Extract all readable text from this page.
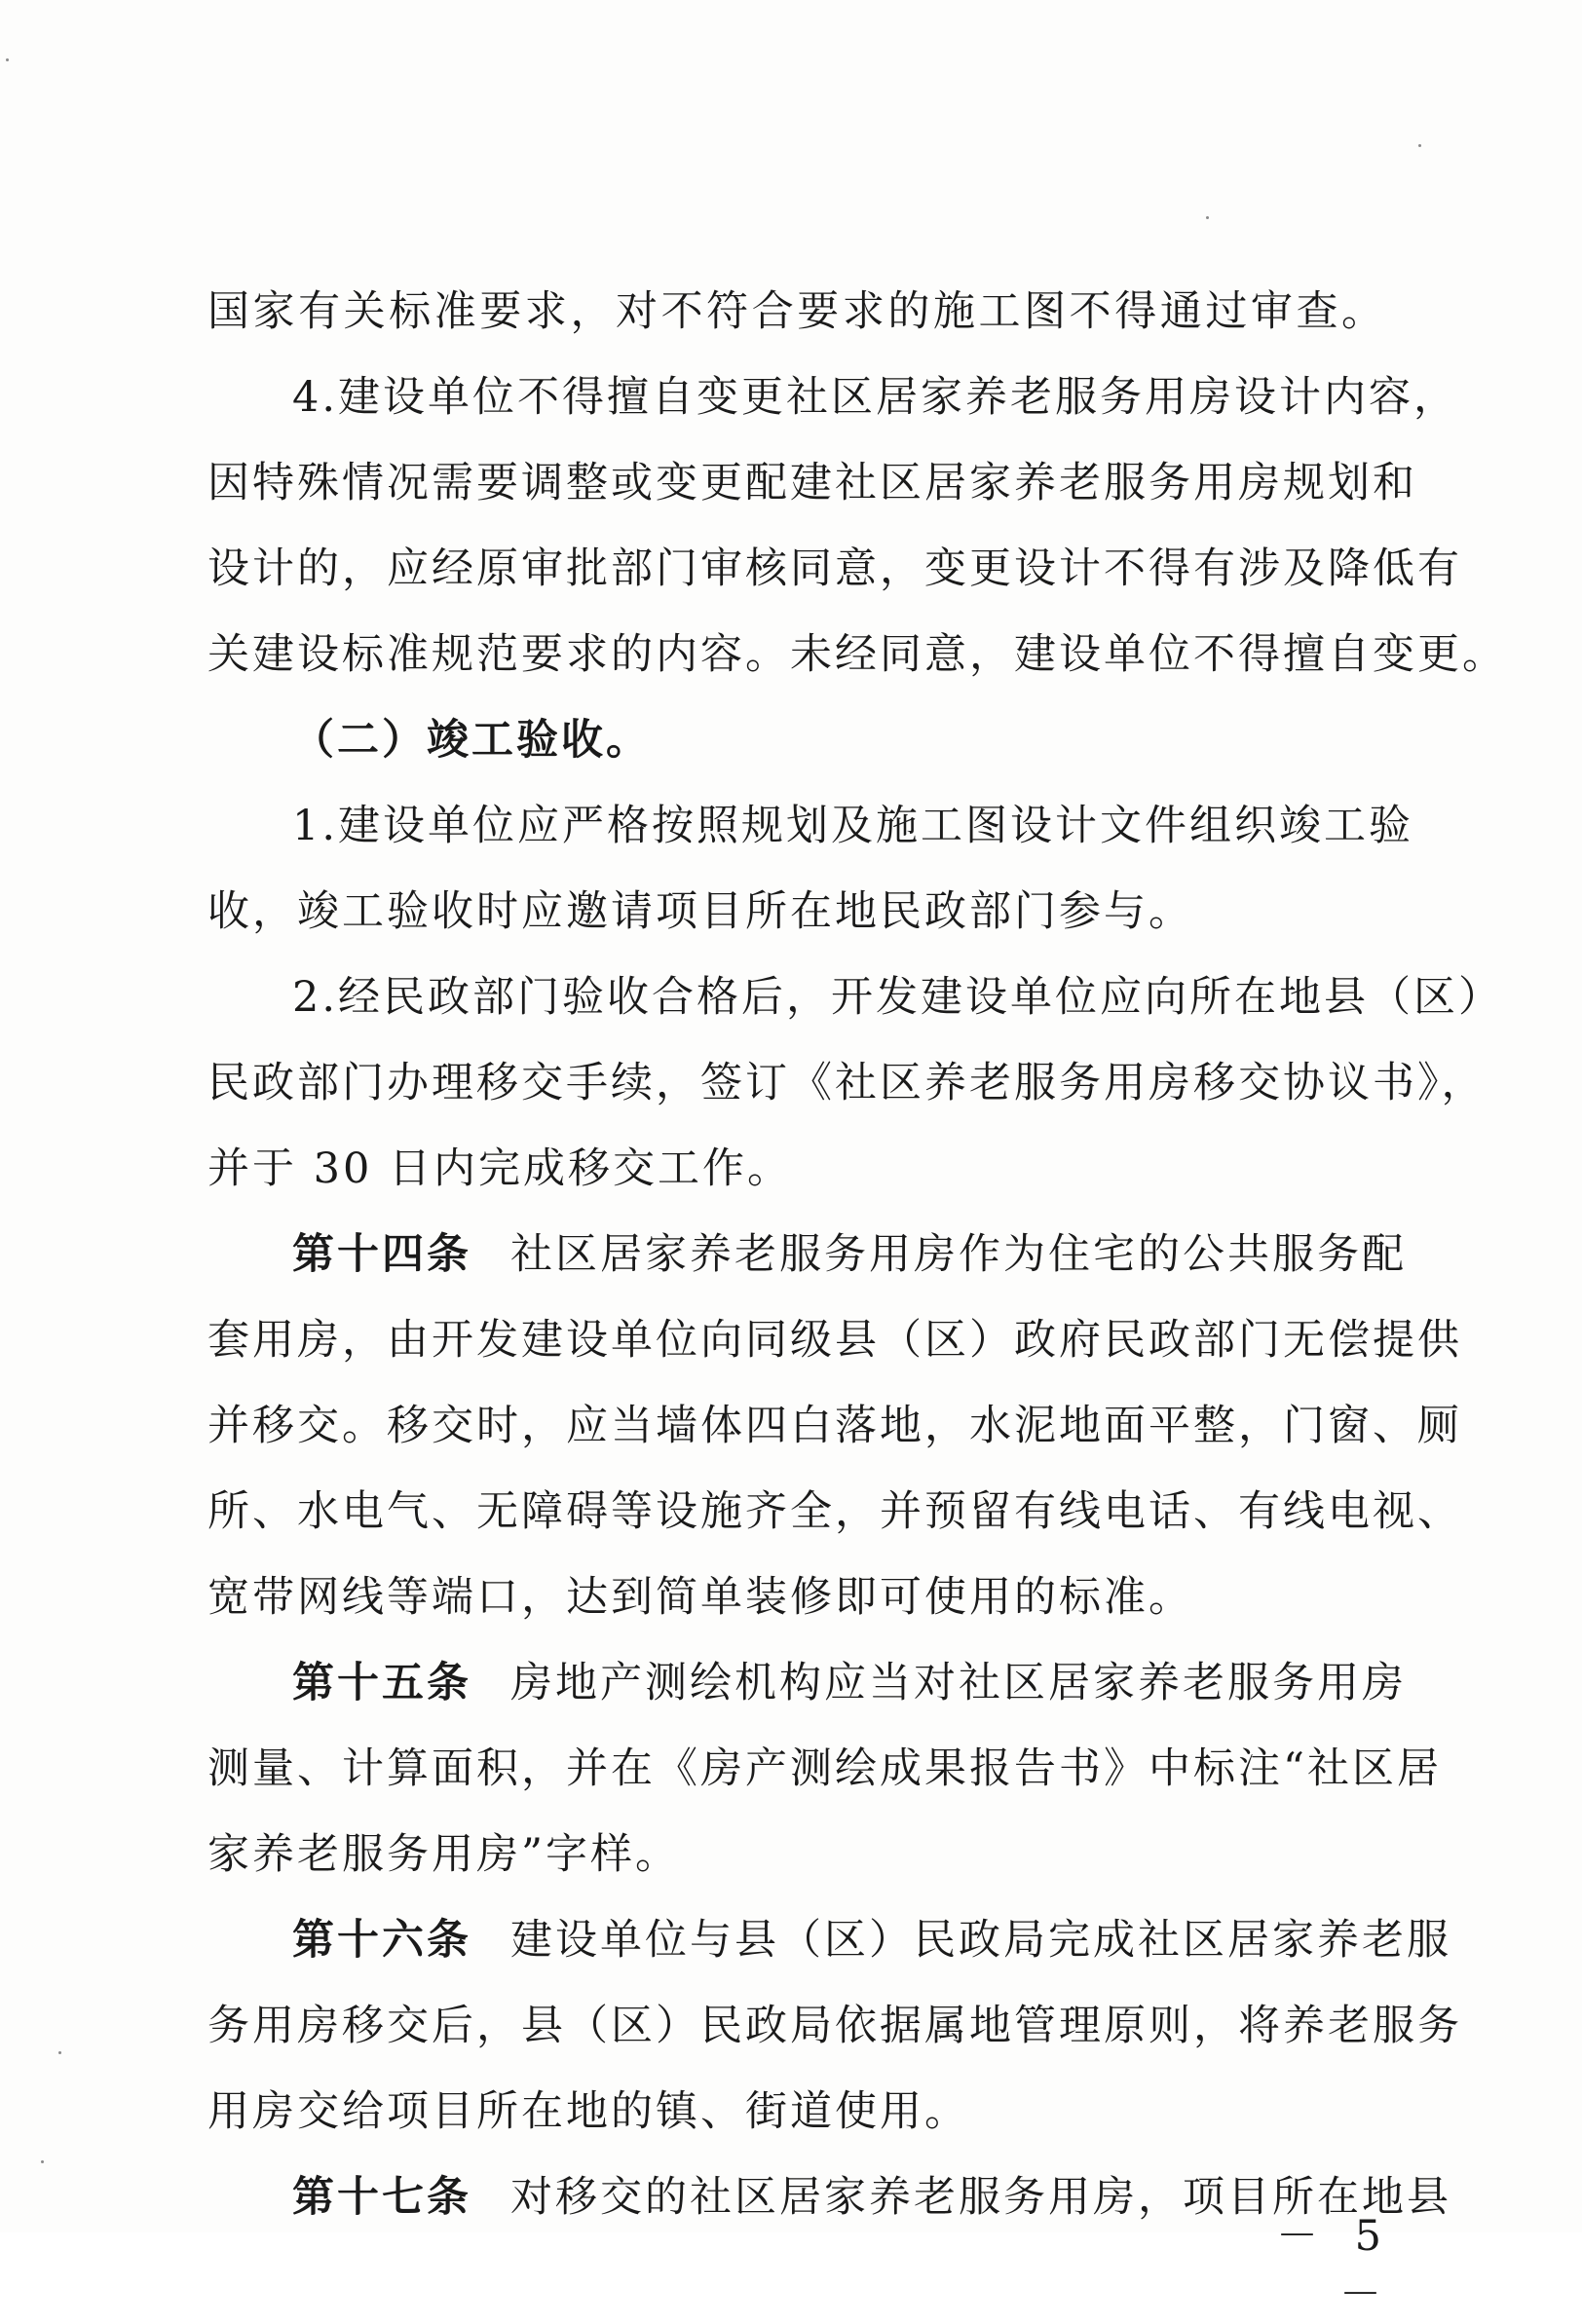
国家有关标准要求，对不符合要求的施工图不得通过审查。
4.建设单位不得擅自变更社区居家养老服务用房设计内容，
因特殊情况需要调整或变更配建社区居家养老服务用房规划和
设计的，应经原审批部门审核同意，变更设计不得有涉及降低有
关建设标准规范要求的内容。未经同意，建设单位不得擅自变更。
（二）竣工验收。
1.建设单位应严格按照规划及施工图设计文件组织竣工验
收，竣工验收时应邀请项目所在地民政部门参与。
2.经民政部门验收合格后，开发建设单位应向所在地县（区）
民政部门办理移交手续，签订《社区养老服务用房移交协议书》，
并于 30 日内完成移交工作。
第十四条 社区居家养老服务用房作为住宅的公共服务配
套用房，由开发建设单位向同级县（区）政府民政部门无偿提供
并移交。移交时，应当墙体四白落地，水泥地面平整，门窗、厕
所、水电气、无障碍等设施齐全，并预留有线电话、有线电视、
宽带网线等端口，达到简单装修即可使用的标准。
第十五条 房地产测绘机构应当对社区居家养老服务用房
测量、计算面积，并在《房产测绘成果报告书》中标注“社区居
家养老服务用房”字样。
第十六条 建设单位与县（区）民政局完成社区居家养老服
务用房移交后，县（区）民政局依据属地管理原则，将养老服务
用房交给项目所在地的镇、街道使用。
第十七条 对移交的社区居家养老服务用房，项目所在地县
－ 5 －
